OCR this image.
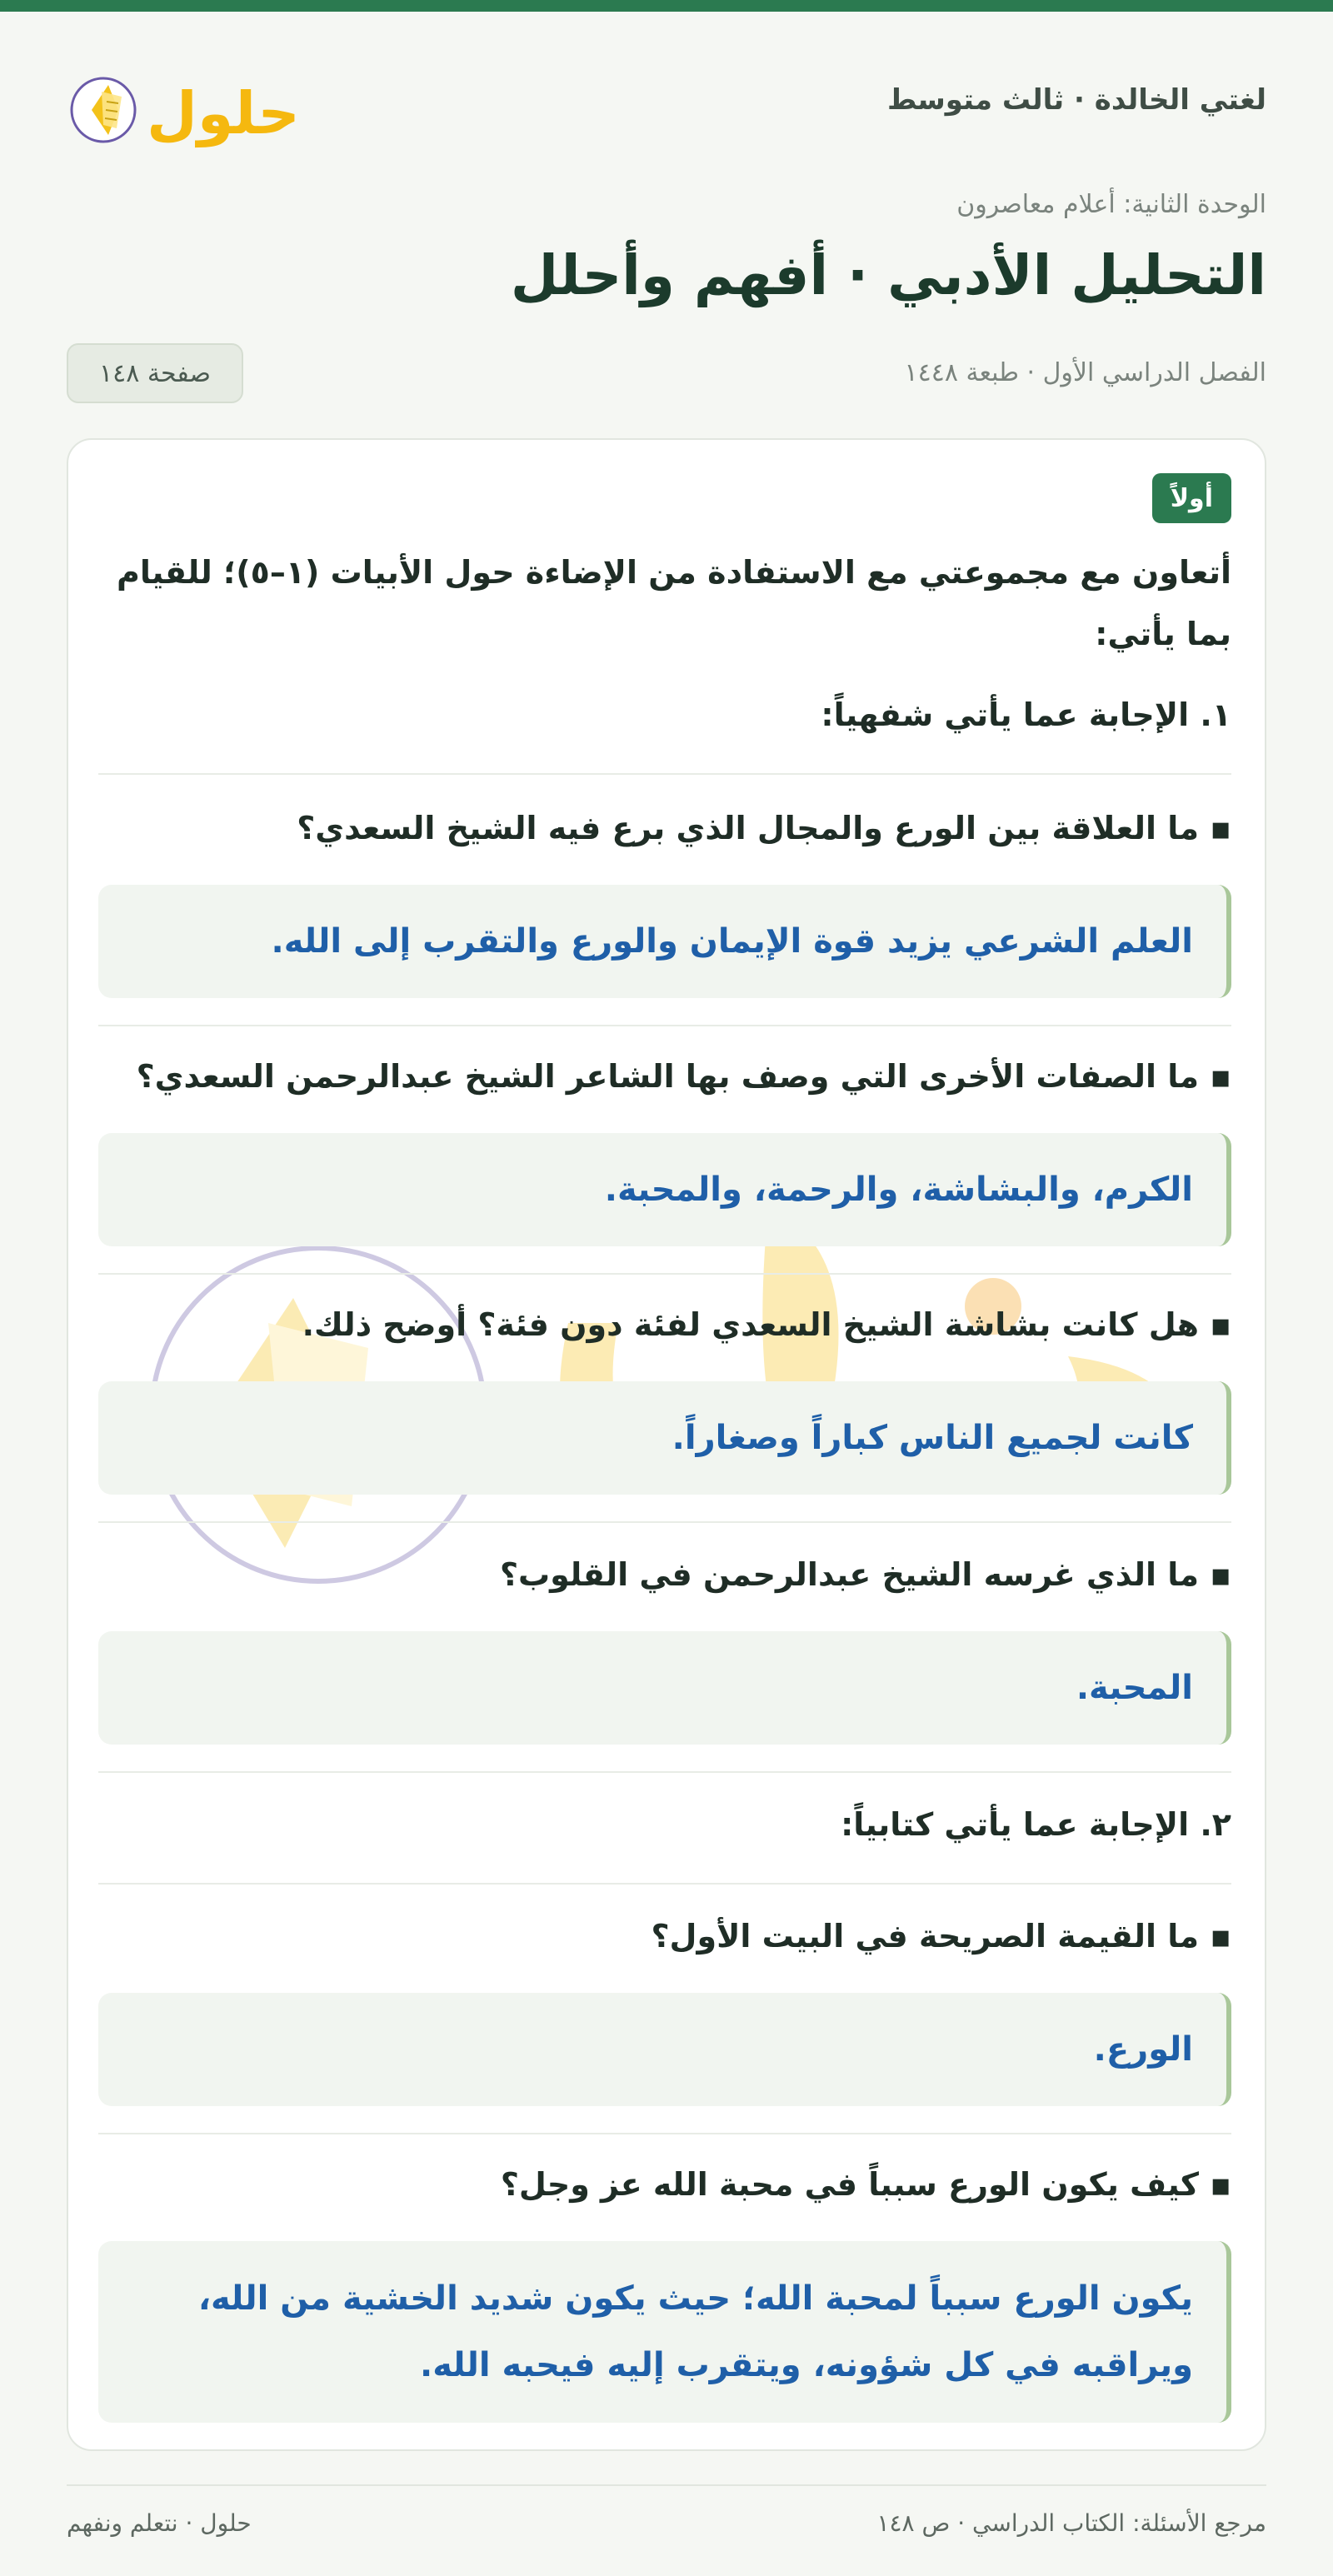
لغتي الخالدة · ثالث متوسط
حلول
الوحدة الثانية: أعلام معاصرون
التحليل الأدبي · أفهم وأحلل
الفصل الدراسي الأول · طبعة ١٤٤٨
صفحة ١٤٨
أولاً
أتعاون مع مجموعتي مع الاستفادة من الإضاءة حول الأبيات (١–٥)؛ للقيام بما يأتي:
١. الإجابة عما يأتي شفهياً:
▪ ما العلاقة بين الورع والمجال الذي برع فيه الشيخ السعدي؟
العلم الشرعي يزيد قوة الإيمان والورع والتقرب إلى الله.
▪ ما الصفات الأخرى التي وصف بها الشاعر الشيخ عبدالرحمن السعدي؟
الكرم، والبشاشة، والرحمة، والمحبة.
▪ هل كانت بشاشة الشيخ السعدي لفئة دون فئة؟ أوضح ذلك.
كانت لجميع الناس كباراً وصغاراً.
▪ ما الذي غرسه الشيخ عبدالرحمن في القلوب؟
المحبة.
٢. الإجابة عما يأتي كتابياً:
▪ ما القيمة الصريحة في البيت الأول؟
الورع.
▪ كيف يكون الورع سبباً في محبة الله عز وجل؟
يكون الورع سبباً لمحبة الله؛ حيث يكون شديد الخشية من الله، ويراقبه في كل شؤونه، ويتقرب إليه فيحبه الله.
مرجع الأسئلة: الكتاب الدراسي · ص ١٤٨
حلول · نتعلم ونفهم
